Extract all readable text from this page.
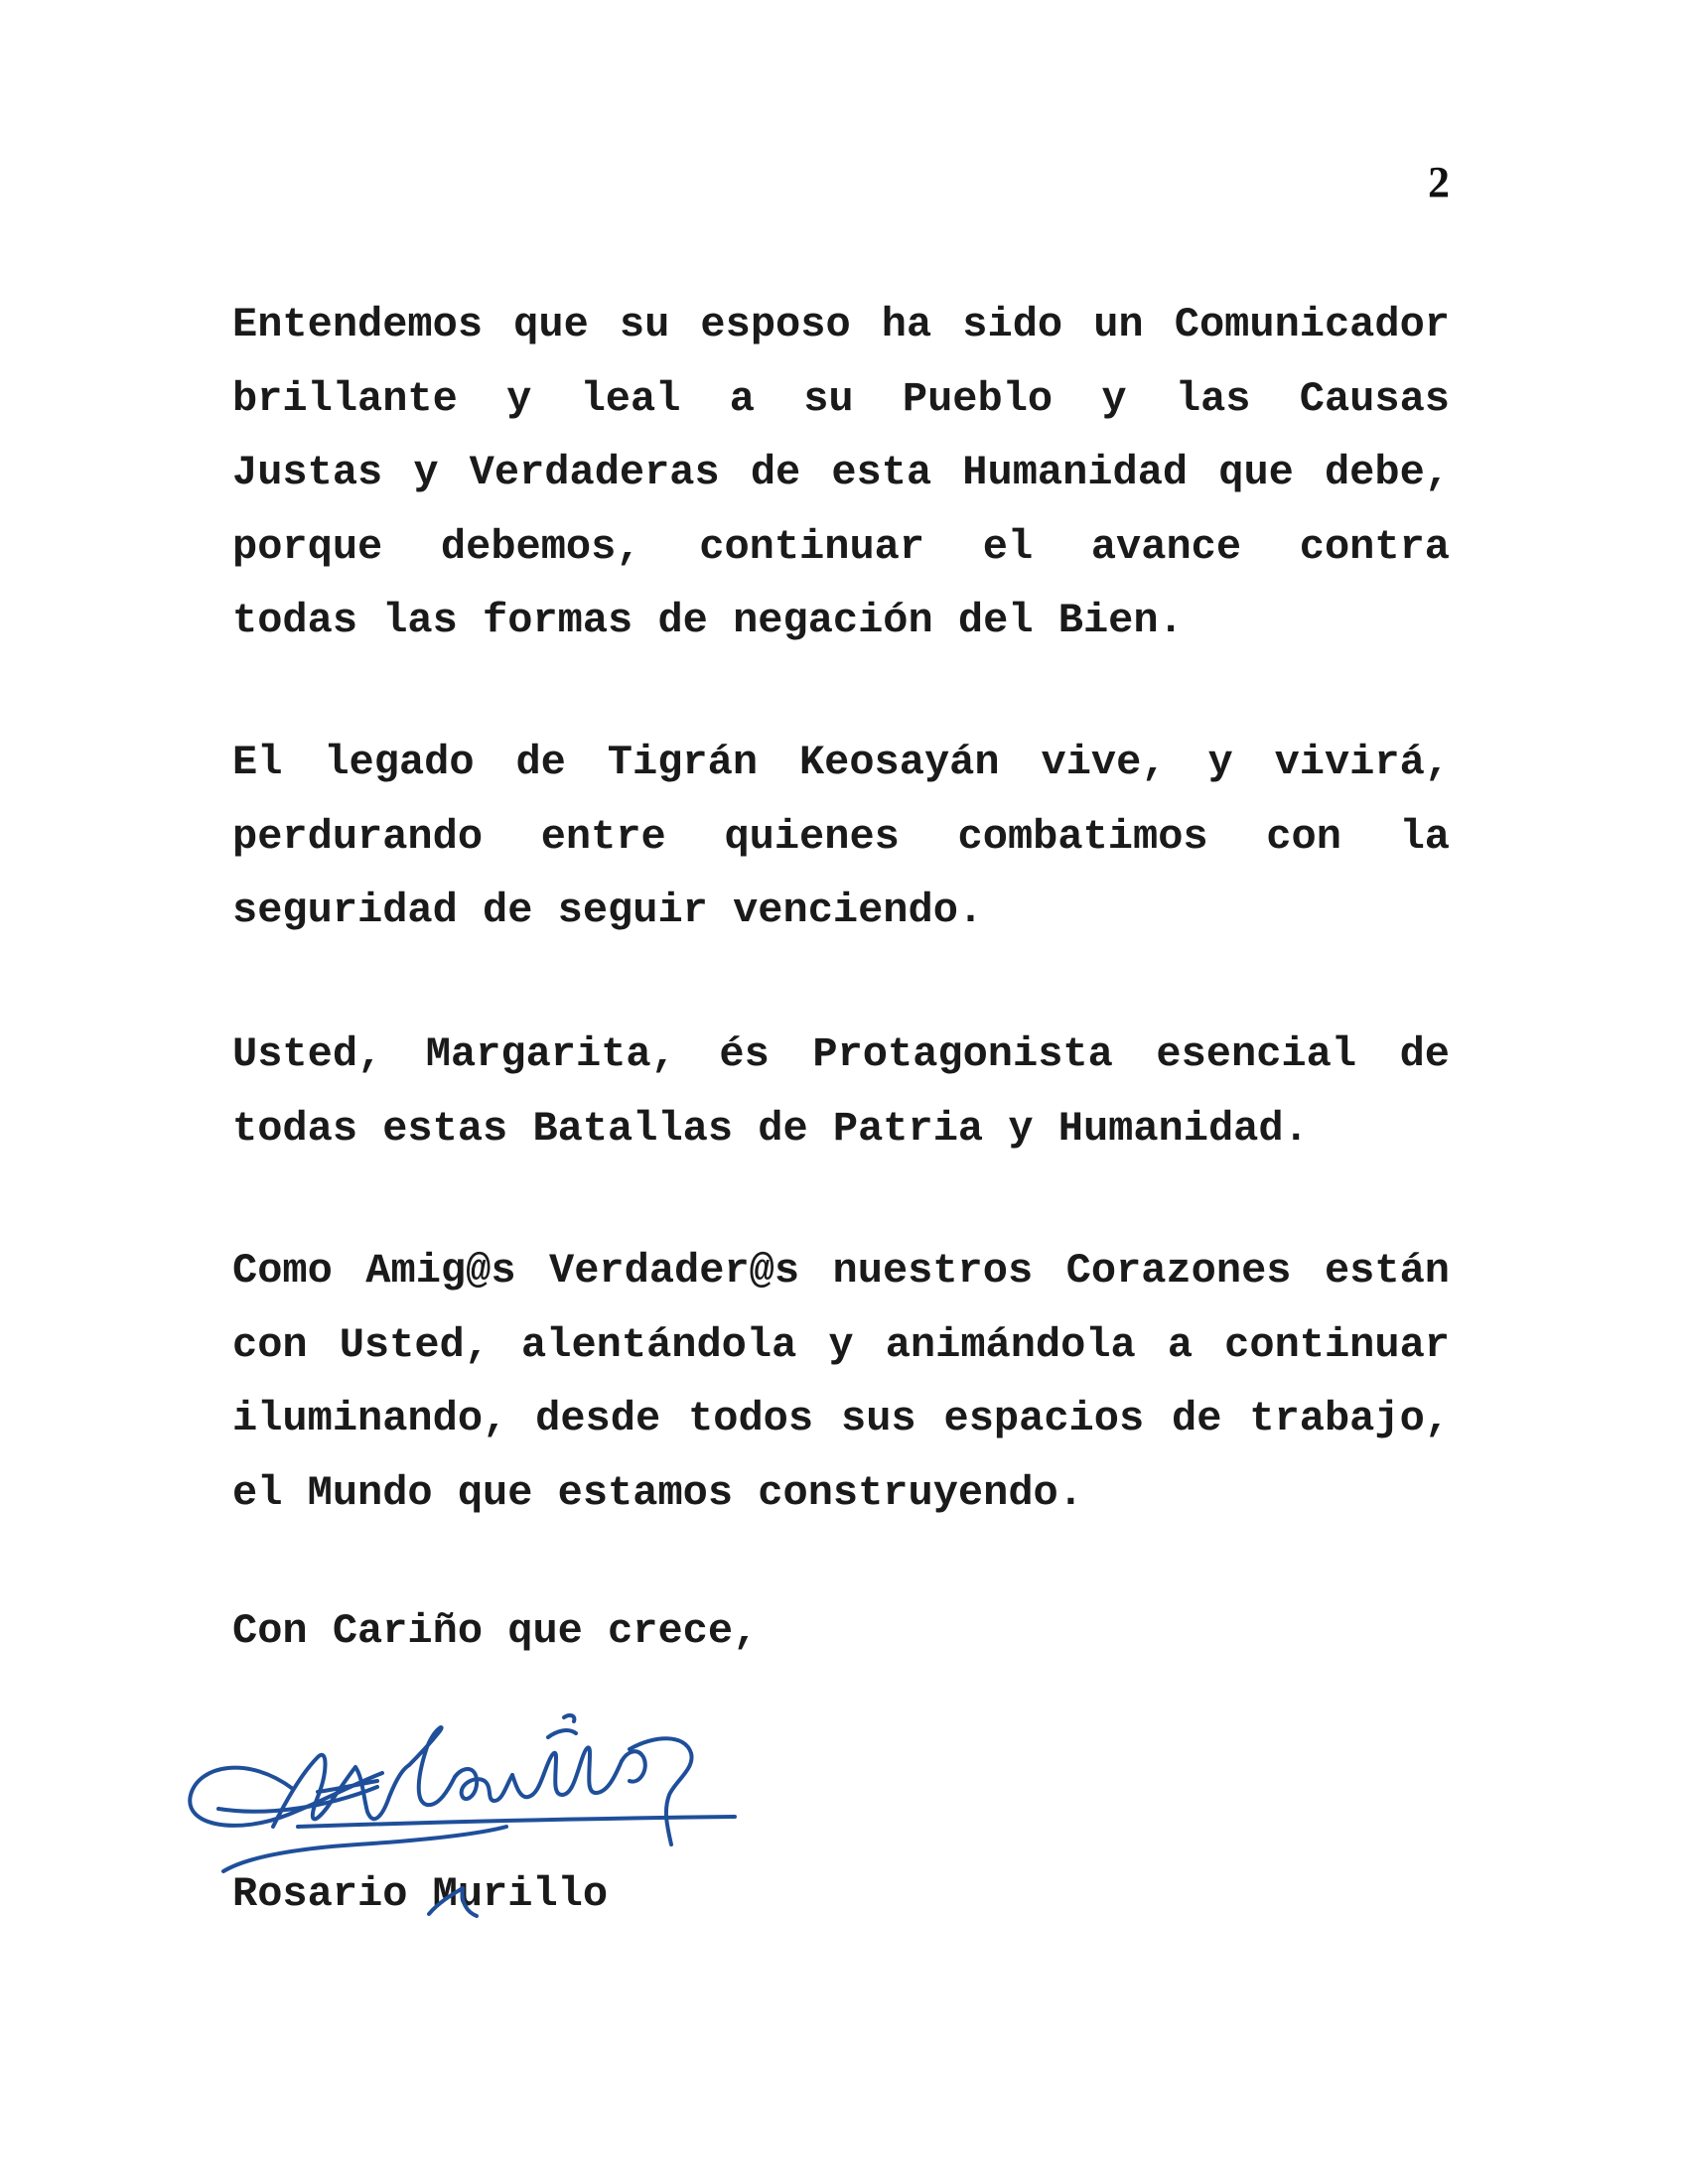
2
Entendemos que su esposo ha sido un Comunicador
brillante y leal a su Pueblo y las Causas
Justas y Verdaderas de esta Humanidad que debe,
porque debemos, continuar el avance contra
todas las formas de negación del Bien.
El legado de Tigrán Keosayán vive, y vivirá,
perdurando entre quienes combatimos con la
seguridad de seguir venciendo.
Usted, Margarita, és Protagonista esencial de
todas estas Batallas de Patria y Humanidad.
Como Amig@s Verdader@s nuestros Corazones están
con Usted, alentándola y animándola a continuar
iluminando, desde todos sus espacios de trabajo,
el Mundo que estamos construyendo.
Con Cariño que crece,
Rosario Murillo
